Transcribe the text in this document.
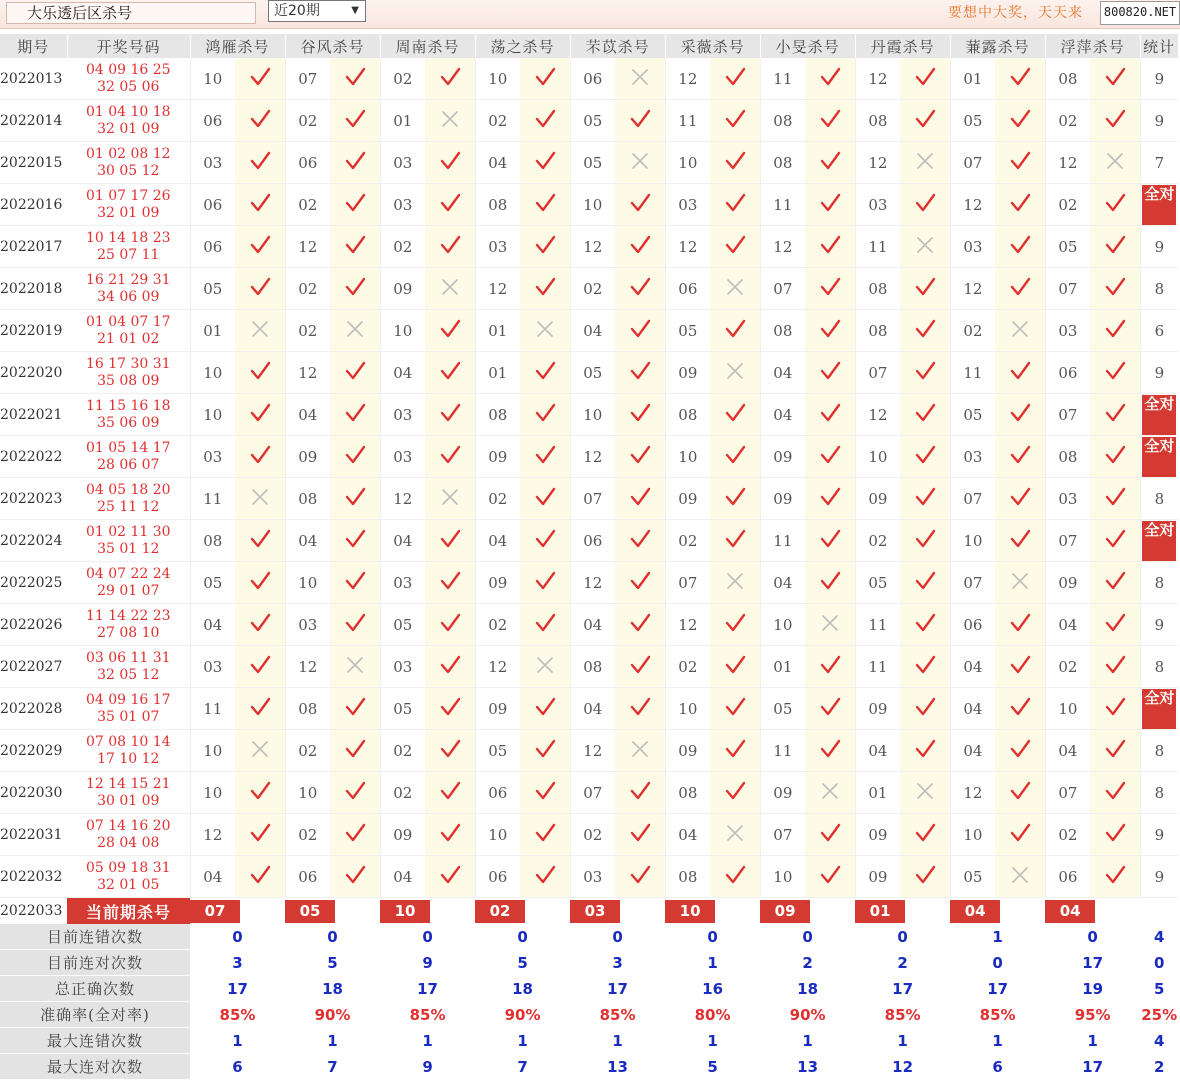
大乐透后区杀号	近20期	▼	要想中大奖，天天来	800820.NET
期号	开奖号码	鸿雁杀号		谷风杀号		周南杀号		荡之杀号		芣苡杀号		采薇杀号		小旻杀号		丹霞杀号		蒹露杀号		浮萍杀号		统计
2022013	04 09 16 25
32 05 06	10		07		02		10		06		12		11		12		01		08		9
2022014	01 04 10 18
32 01 09	06		02		01		02		05		11		08		08		05		02		9
2022015	01 02 08 12
30 05 12	03		06		03		04		05		10		08		12		07		12		7
2022016	01 07 17 26
32 01 09	06		02		03		08		10		03		11		03		12		02		全对
2022017	10 14 18 23
25 07 11	06		12		02		03		12		12		12		11		03		05		9
2022018	16 21 29 31
34 06 09	05		02		09		12		02		06		07		08		12		07		8
2022019	01 04 07 17
21 01 02	01		02		10		01		04		05		08		08		02		03		6
2022020	16 17 30 31
35 08 09	10		12		04		01		05		09		04		07		11		06		9
2022021	11 15 16 18
35 06 09	10		04		03		08		10		08		04		12		05		07		全对
2022022	01 05 14 17
28 06 07	03		09		03		09		12		10		09		10		03		08		全对
2022023	04 05 18 20
25 11 12	11		08		12		02		07		09		09		09		07		03		8
2022024	01 02 11 30
35 01 12	08		04		04		04		06		02		11		02		10		07		全对
2022025	04 07 22 24
29 01 07	05		10		03		09		12		07		04		05		07		09		8
2022026	11 14 22 23
27 08 10	04		03		05		02		04		12		10		11		06		04		9
2022027	03 06 11 31
32 05 12	03		12		03		12		08		02		01		11		04		02		8
2022028	04 09 16 17
35 01 07	11		08		05		09		04		10		05		09		04		10		全对
2022029	07 08 10 14
17 10 12	10		02		02		05		12		09		11		04		04		04		8
2022030	12 14 15 21
30 01 09	10		10		02		06		07		08		09		01		12		07		8
2022031	07 14 16 20
28 04 08	12		02		09		10		02		04		07		09		10		02		9
2022032	05 09 18 31
32 01 05	04		06		04		06		03		08		10		09		05		06		9
2022033	当前期杀号	07		05		10		02		03		10		09		01		04		04		
目前连错次数		0		0		0		0		0		0		0		0		1		0		4
目前连对次数		3		5		9		5		3		1		2		2		0		17		0
总正确次数		17		18		17		18		17		16		18		17		17		19		5
准确率(全对率)		85%		90%		85%		90%		85%		80%		90%		85%		85%		95%		25%
最大连错次数		1		1		1		1		1		1		1		1		1		1		4
最大连对次数		6		7		9		7		13		5		13		12		6		17		2
